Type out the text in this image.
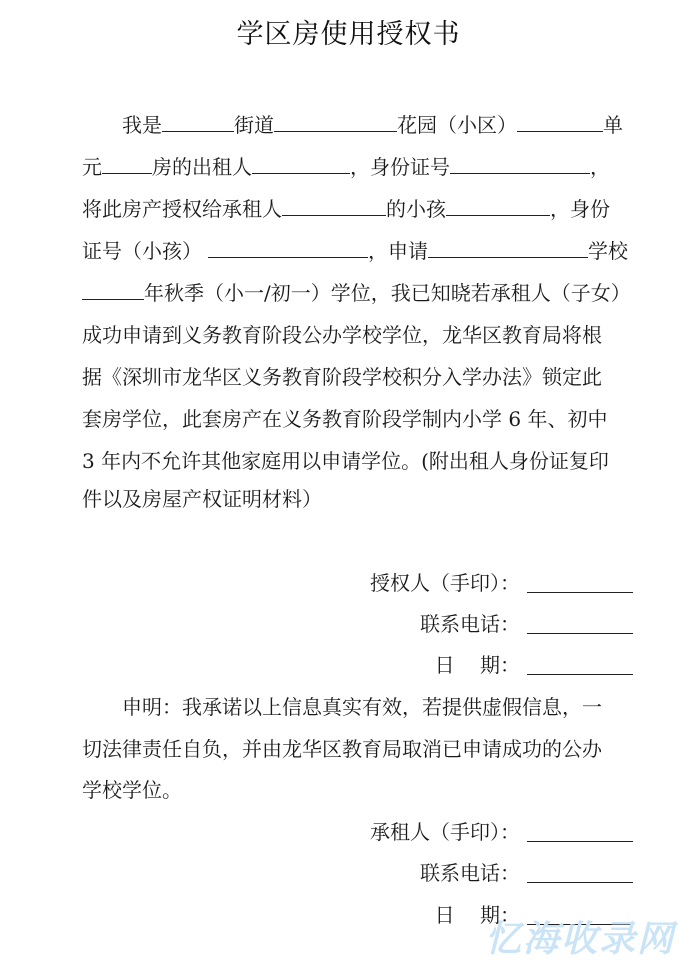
学区房使用授权书
我是	街道	花园（小区）	单
元	房的出租人	，身份证号	，
将此房产授权给承租人	的小孩	，身份
证号（小孩）	，申请	学校
年秋季（小一/初一）学位，我已知晓若承租人（子女）
成功申请到义务教育阶段公办学校学位，龙华区教育局将根
据《深圳市龙华区义务教育阶段学校积分入学办法》锁定此
套房学位，此套房产在义务教育阶段学制内小学 6 年、初中
3 年内不允许其他家庭用以申请学位。(附出租人身份证复印
件以及房屋产权证明材料）
授权人（手印）：
联系电话：
日    期：
申明：我承诺以上信息真实有效，若提供虚假信息，一
切法律责任自负，并由龙华区教育局取消已申请成功的公办
学校学位。
承租人（手印）：
联系电话：
日    期：
忆海收录网
